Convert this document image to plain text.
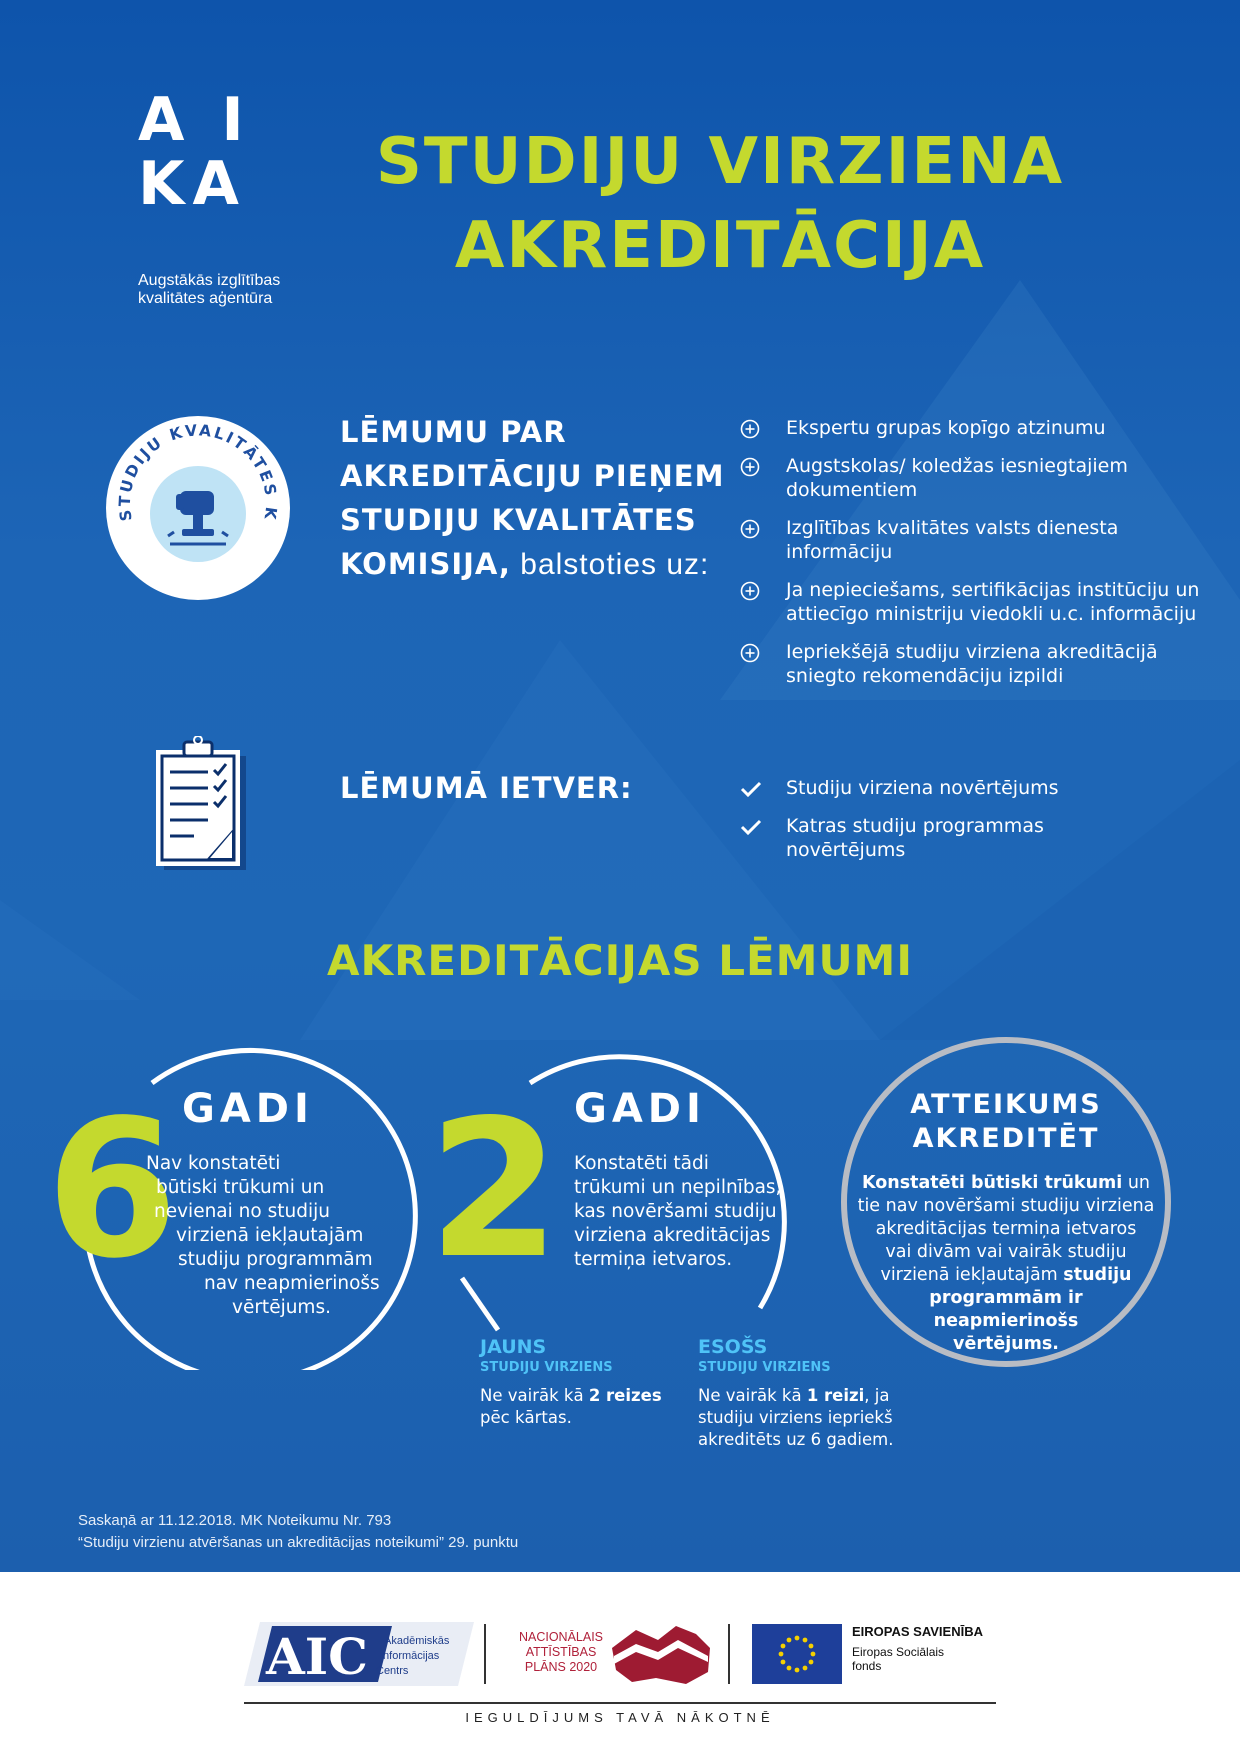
A I
KA
Augstākās izglītības
kvalitātes aģentūra
STUDIJU VIRZIENA
AKREDITĀCIJA
STUDIJU KVALITĀTES K
LĒMUMU PAR
AKREDITĀCIJU PIEŅEM
STUDIJU KVALITĀTES
KOMISIJA, balstoties uz:
Ekspertu grupas kopīgo atzinumu
Augstskolas/ koledžas iesniegtajiem dokumentiem
Izglītības kvalitātes valsts dienesta informāciju
Ja nepieciešams, sertifikācijas institūciju un attiecīgo ministriju viedokli u.c. informāciju
Iepriekšējā studiju virziena akreditācijā sniegto rekomendāciju izpildi
LĒMUMĀ IETVER:	Studiju virziena novērtējums
Katras studiju programmas novērtējums
AKREDITĀCIJAS LĒMUMI
6 GADI
Nav konstatēti
būtiski trūkumi un
nevienai no studiju
virzienā iekļautajām
studiju programmām
nav neapmierinošs
vērtējums.
2 GADI
Konstatēti tādi
trūkumi un nepilnības,
kas novēršami studiju
virziena akreditācijas
termiņa ietvaros.
JAUNS
STUDIJU VIRZIENS
Ne vairāk kā 2 reizes
pēc kārtas.
ESOŠS
STUDIJU VIRZIENS
Ne vairāk kā 1 reizi, ja
studiju virziens iepriekš
akreditēts uz 6 gadiem.
ATTEIKUMS
AKREDITĒT
Konstatēti būtiski trūkumi un
tie nav novēršami studiju virziena
akreditācijas termiņa ietvaros
vai divām vai vairāk studiju
virzienā iekļautajām studiju
programmām ir
neapmierinošs
vērtējums.
Saskaņā ar 11.12.2018. MK Noteikumu Nr. 793
“Studiju virzienu atvēršanas un akreditācijas noteikumi” 29. punktu
AIC Akadēmiskās
Informācijas
Centrs
NACIONĀLAIS
ATTĪSTĪBAS
PLĀNS 2020
EIROPAS SAVIENĪBA
Eiropas Sociālais
fonds
IEGULDĪJUMS TAVĀ NĀKOTNĒ
